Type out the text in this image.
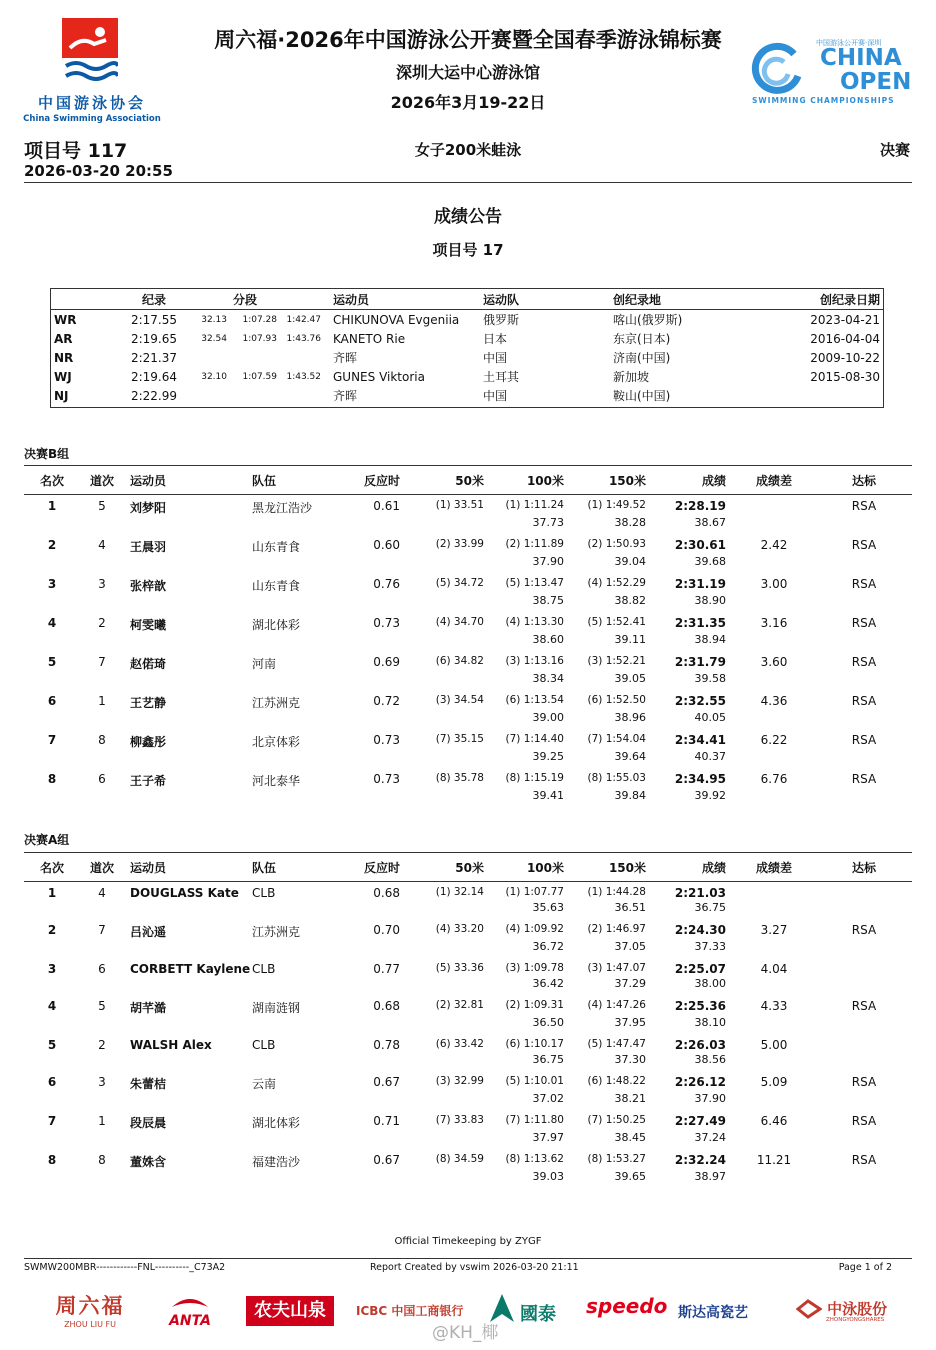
中国游泳协会
China Swimming Association
中国游泳公开赛·深圳
CHINA
OPEN
SWIMMING CHAMPIONSHIPS
周六福·2026年中国游泳公开赛暨全国春季游泳锦标赛
深圳大运中心游泳馆
2026年3月19-22日
项目号 117
2026-03-20 20:55
女子200米蛙泳	决赛
成绩公告
项目号 17
	纪录	分段			运动员	运动队	创纪录地	创纪录日期
WR	2:17.55	32.13	1:07.28	1:42.47	CHIKUNOVA Evgeniia	俄罗斯	喀山(俄罗斯)	2023-04-21
AR	2:19.65	32.54	1:07.93	1:43.76	KANETO Rie	日本	东京(日本)	2016-04-04
NR	2:21.37				齐晖	中国	济南(中国)	2009-10-22
WJ	2:19.64	32.10	1:07.59	1:43.52	GUNES Viktoria	土耳其	新加坡	2015-08-30
NJ	2:22.99				齐晖	中国	鞍山(中国)	
决赛B组
名次	道次	运动员	队伍	反应时	50米	100米	150米	成绩	成绩差	达标
1	5	刘梦阳	黑龙江浩沙	0.61	(1) 33.51	(1) 1:11.24	(1) 1:49.52	2:28.19		RSA
						37.73	38.28	38.67		
2	4	王晨羽	山东青食	0.60	(2) 33.99	(2) 1:11.89	(2) 1:50.93	2:30.61	2.42	RSA
						37.90	39.04	39.68		
3	3	张梓歆	山东青食	0.76	(5) 34.72	(5) 1:13.47	(4) 1:52.29	2:31.19	3.00	RSA
						38.75	38.82	38.90		
4	2	柯雯曦	湖北体彩	0.73	(4) 34.70	(4) 1:13.30	(5) 1:52.41	2:31.35	3.16	RSA
						38.60	39.11	38.94		
5	7	赵偌琦	河南	0.69	(6) 34.82	(3) 1:13.16	(3) 1:52.21	2:31.79	3.60	RSA
						38.34	39.05	39.58		
6	1	王艺静	江苏洲克	0.72	(3) 34.54	(6) 1:13.54	(6) 1:52.50	2:32.55	4.36	RSA
						39.00	38.96	40.05		
7	8	柳鑫彤	北京体彩	0.73	(7) 35.15	(7) 1:14.40	(7) 1:54.04	2:34.41	6.22	RSA
						39.25	39.64	40.37		
8	6	王子希	河北泰华	0.73	(8) 35.78	(8) 1:15.19	(8) 1:55.03	2:34.95	6.76	RSA
						39.41	39.84	39.92		
决赛A组
名次	道次	运动员	队伍	反应时	50米	100米	150米	成绩	成绩差	达标
1	4	DOUGLASS Kate	CLB	0.68	(1) 32.14	(1) 1:07.77	(1) 1:44.28	2:21.03		
						35.63	36.51	36.75		
2	7	吕沁遥	江苏洲克	0.70	(4) 33.20	(4) 1:09.92	(2) 1:46.97	2:24.30	3.27	RSA
						36.72	37.05	37.33		
3	6	CORBETT Kaylene	CLB	0.77	(5) 33.36	(3) 1:09.78	(3) 1:47.07	2:25.07	4.04	
						36.42	37.29	38.00		
4	5	胡芊澔	湖南涟钢	0.68	(2) 32.81	(2) 1:09.31	(4) 1:47.26	2:25.36	4.33	RSA
						36.50	37.95	38.10		
5	2	WALSH Alex	CLB	0.78	(6) 33.42	(6) 1:10.17	(5) 1:47.47	2:26.03	5.00	
						36.75	37.30	38.56		
6	3	朱蕾桔	云南	0.67	(3) 32.99	(5) 1:10.01	(6) 1:48.22	2:26.12	5.09	RSA
						37.02	38.21	37.90		
7	1	段辰晨	湖北体彩	0.71	(7) 33.83	(7) 1:11.80	(7) 1:50.25	2:27.49	6.46	RSA
						37.97	38.45	37.24		
8	8	董姝含	福建浩沙	0.67	(8) 34.59	(8) 1:13.62	(8) 1:53.27	2:32.24	11.21	RSA
						39.03	39.65	38.97		
Official Timekeeping by ZYGF
SWMW200MBR------------FNL----------_C73A2	Report Created by vswim 2026-03-20 21:11	Page 1 of 2
周六福
ZHOU LIU FU	ANTA	农夫山泉	ICBC 中国工商银行	國泰 speedo 斯达高瓷艺	中泳股份
ZHONGYONGSHARES
@KH_椰
